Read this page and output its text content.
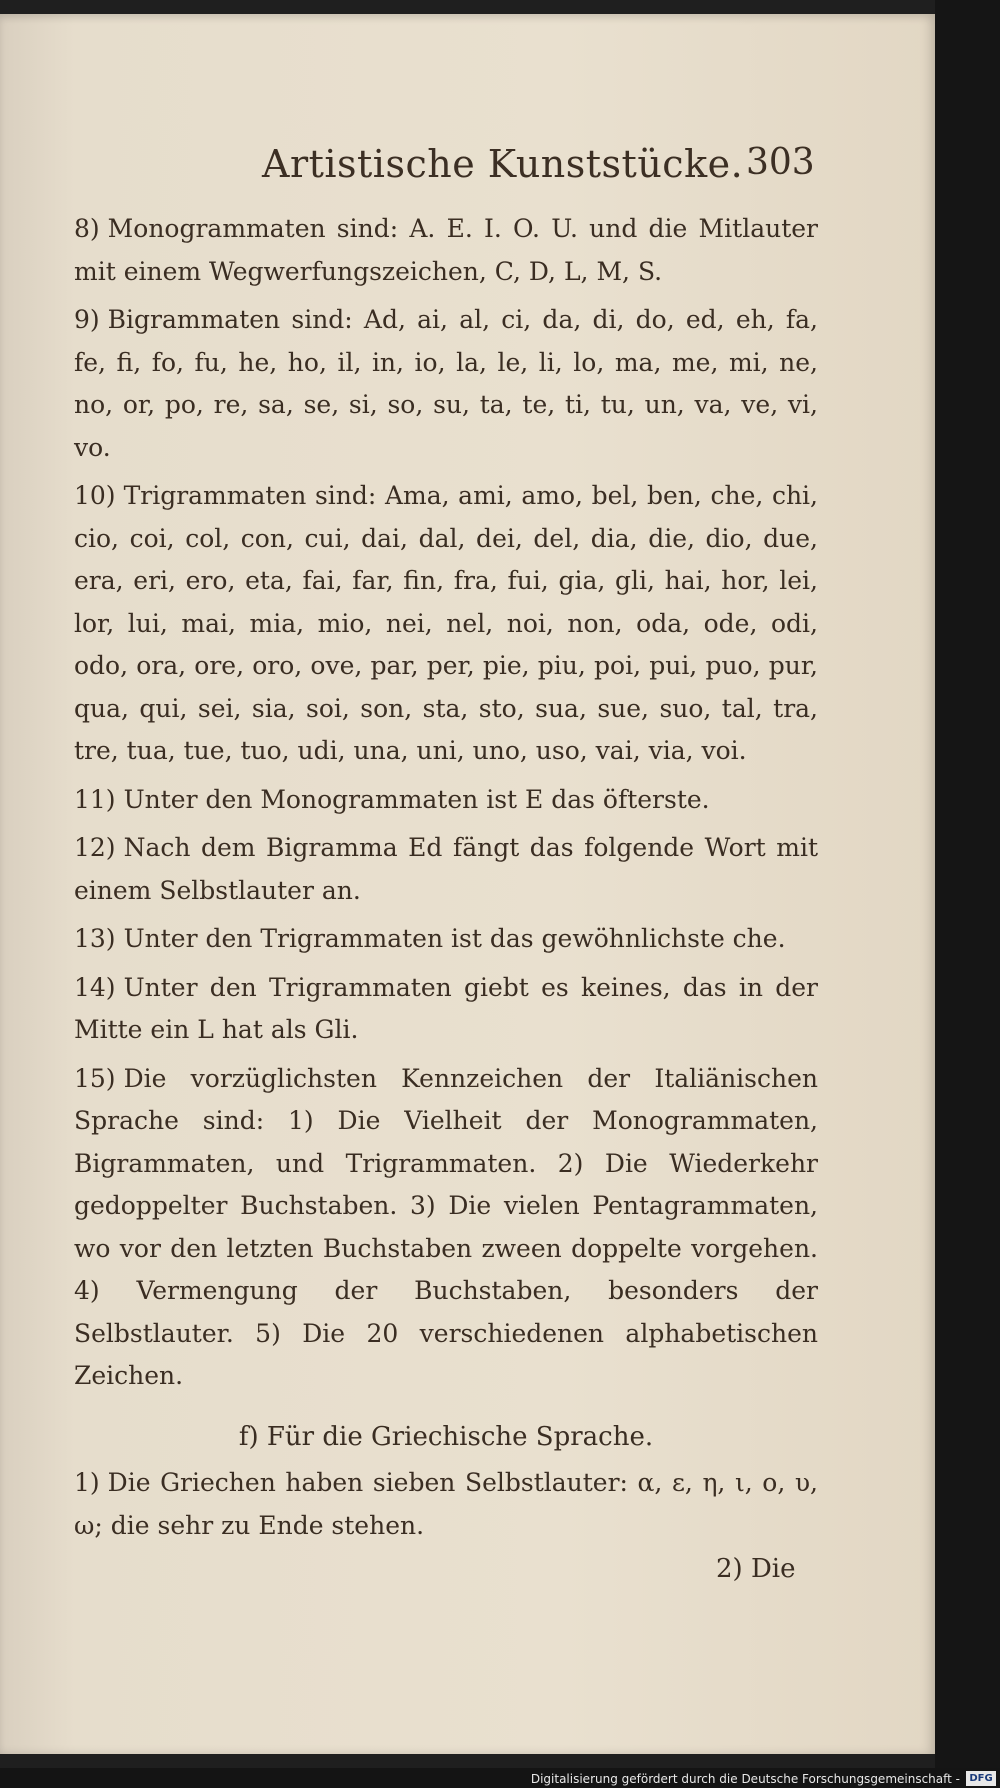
Artistische Kunststücke. 303

8) Monogrammaten sind: A. E. I. O. U. und die Mitlauter mit einem Wegwerfungszeichen, C, D, L, M, S.

9) Bigrammaten sind: Ad, ai, al, ci, da, di, do, ed, eh, fa, fe, fi, fo, fu, he, ho, il, in, io, la, le, li, lo, ma, me, mi, ne, no, or, po, re, sa, se, si, so, su, ta, te, ti, tu, un, va, ve, vi, vo.

10) Trigrammaten sind: Ama, ami, amo, bel, ben, che, chi, cio, coi, col, con, cui, dai, dal, dei, del, dia, die, dio, due, era, eri, ero, eta, fai, far, fin, fra, fui, gia, gli, hai, hor, lei, lor, lui, mai, mia, mio, nei, nel, noi, non, oda, ode, odi, odo, ora, ore, oro, ove, par, per, pie, piu, poi, pui, puo, pur, qua, qui, sei, sia, soi, son, sta, sto, sua, sue, suo, tal, tra, tre, tua, tue, tuo, udi, una, uni, uno, uso, vai, via, voi.

11) Unter den Monogrammaten ist E das öfterste.

12) Nach dem Bigramma Ed fängt das folgende Wort mit einem Selbstlauter an.

13) Unter den Trigrammaten ist das gewöhnlichste che.

14) Unter den Trigrammaten giebt es keines, das in der Mitte ein L hat als Gli.

15) Die vorzüglichsten Kennzeichen der Italiänischen Sprache sind: 1) Die Vielheit der Monogrammaten, Bigrammaten, und Trigrammaten. 2) Die Wiederkehr gedoppelter Buchstaben. 3) Die vielen Pentagrammaten, wo vor den letzten Buchstaben zween doppelte vorgehen. 4) Vermengung der Buchstaben, besonders der Selbstlauter. 5) Die 20 verschiedenen alphabetischen Zeichen.

f) Für die Griechische Sprache.

1) Die Griechen haben sieben Selbstlauter: α, ε, η, ι, ο, υ, ω; die sehr zu Ende stehen.

2) Die
Digitalisierung gefördert durch die Deutsche Forschungsgemeinschaft - DFG
